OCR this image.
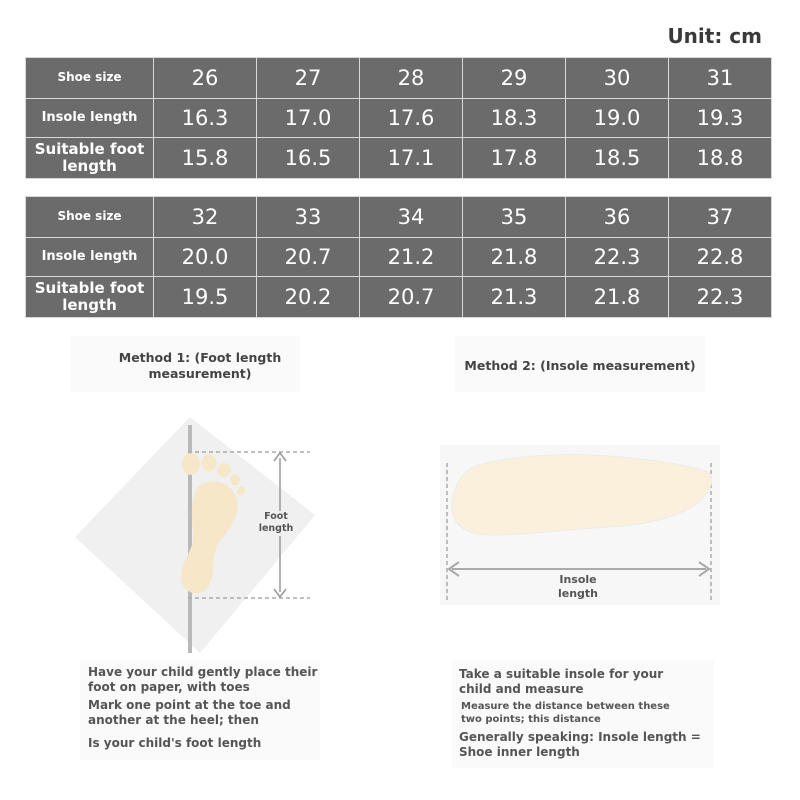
Unit: cm
Shoe size	26	27	28	29	30	31
Insole length	16.3	17.0	17.6	18.3	19.0	19.3
Suitable foot length	15.8	16.5	17.1	17.8	18.5	18.8
Shoe size	32	33	34	35	36	37
Insole length	20.0	20.7	21.2	21.8	22.3	22.8
Suitable foot length	19.5	20.2	20.7	21.3	21.8	22.3
Method 1: (Foot length measurement)
Foot length
Have your child gently place their foot on paper, with toes
Mark one point at the toe and another at the heel; then
Is your child's foot length
Method 2: (Insole measurement)
Insole length
Take a suitable insole for your child and measure
Measure the distance between these two points; this distance
Generally speaking: Insole length = Shoe inner length
